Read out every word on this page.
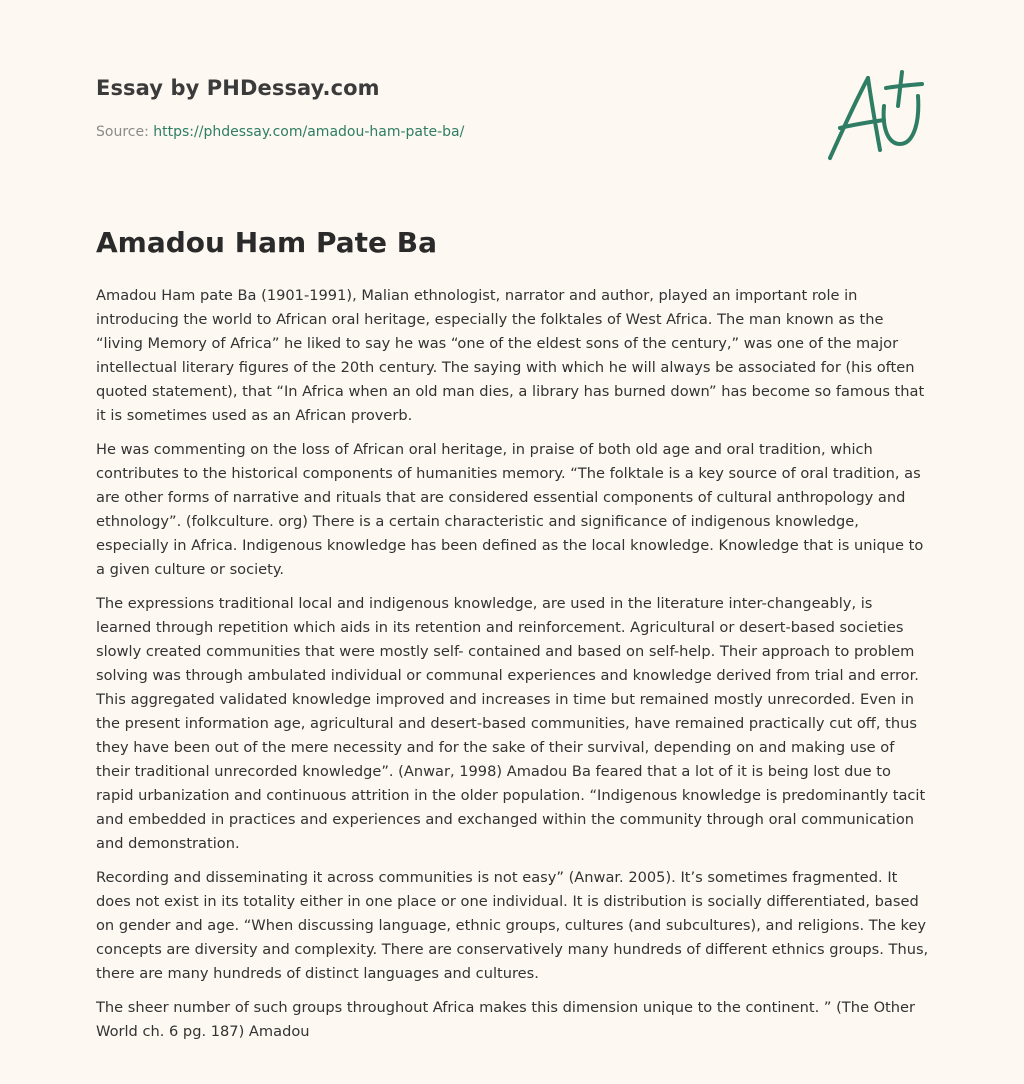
Essay by PHDessay.com
Source: https://phdessay.com/amadou-ham-pate-ba/
Amadou Ham Pate Ba

Amadou Ham pate Ba (1901-1991), Malian ethnologist, narrator and author, played an important role in introducing the world to African oral heritage, especially the folktales of West Africa. The man known as the “living Memory of Africa” he liked to say he was “one of the eldest sons of the century,” was one of the major intellectual literary figures of the 20th century. The saying with which he will always be associated for (his often quoted statement), that “In Africa when an old man dies, a library has burned down” has become so famous that it is sometimes used as an African proverb.

He was commenting on the loss of African oral heritage, in praise of both old age and oral tradition, which contributes to the historical components of humanities memory. “The folktale is a key source of oral tradition, as are other forms of narrative and rituals that are considered essential components of cultural anthropology and ethnology”. (folkculture. org) There is a certain characteristic and significance of indigenous knowledge, especially in Africa. Indigenous knowledge has been defined as the local knowledge. Knowledge that is unique to a given culture or society.

The expressions traditional local and indigenous knowledge, are used in the literature inter-changeably, is learned through repetition which aids in its retention and reinforcement. Agricultural or desert-based societies slowly created communities that were mostly self- contained and based on self-help. Their approach to problem solving was through ambulated individual or communal experiences and knowledge derived from trial and error. This aggregated validated knowledge improved and increases in time but remained mostly unrecorded. Even in the present information age, agricultural and desert-based communities, have remained practically cut off, thus they have been out of the mere necessity and for the sake of their survival, depending on and making use of their traditional unrecorded knowledge”. (Anwar, 1998) Amadou Ba feared that a lot of it is being lost due to rapid urbanization and continuous attrition in the older population. “Indigenous knowledge is predominantly tacit and embedded in practices and experiences and exchanged within the community through oral communication and demonstration.

Recording and disseminating it across communities is not easy” (Anwar. 2005). It’s sometimes fragmented. It does not exist in its totality either in one place or one individual. It is distribution is socially differentiated, based on gender and age. “When discussing language, ethnic groups, cultures (and subcultures), and religions. The key concepts are diversity and complexity. There are conservatively many hundreds of different ethnics groups. Thus, there are many hundreds of distinct languages and cultures.

The sheer number of such groups throughout Africa makes this dimension unique to the continent. ” (The Other World ch. 6 pg. 187) Amadou
